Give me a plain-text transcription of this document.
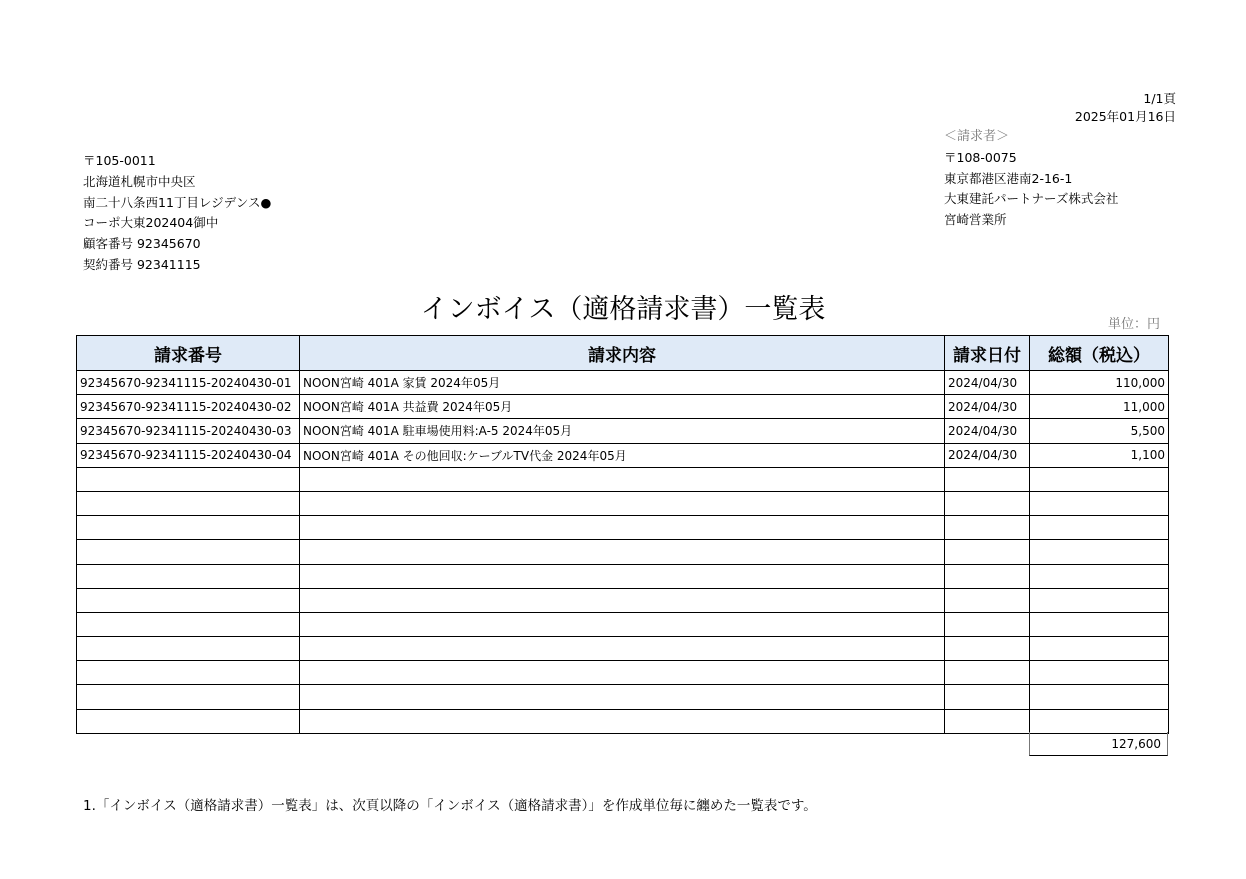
1/1頁
2025年01月16日
〒105-0011
北海道札幌市中央区
南二十八条西11丁目レジデンス●
コーポ大東202404御中
顧客番号 92345670
契約番号 92341115
＜請求者＞
〒108-0075
東京都港区港南2-16-1
大東建託パートナーズ株式会社
宮崎営業所
インボイス（適格請求書）一覧表	単位：円
請求番号	請求内容	請求日付	総額（税込）
92345670-92341115-20240430-01	NOON宮崎 401A 家賃 2024年05月	2024/04/30	110,000
92345670-92341115-20240430-02	NOON宮崎 401A 共益費 2024年05月	2024/04/30	11,000
92345670-92341115-20240430-03	NOON宮崎 401A 駐車場使用料:A-5 2024年05月	2024/04/30	5,500
92345670-92341115-20240430-04	NOON宮崎 401A その他回収:ケーブルTV代金 2024年05月	2024/04/30	1,100

127,600
1.「インボイス（適格請求書）一覧表」は、次頁以降の「インボイス（適格請求書）」を作成単位毎に纏めた一覧表です。
